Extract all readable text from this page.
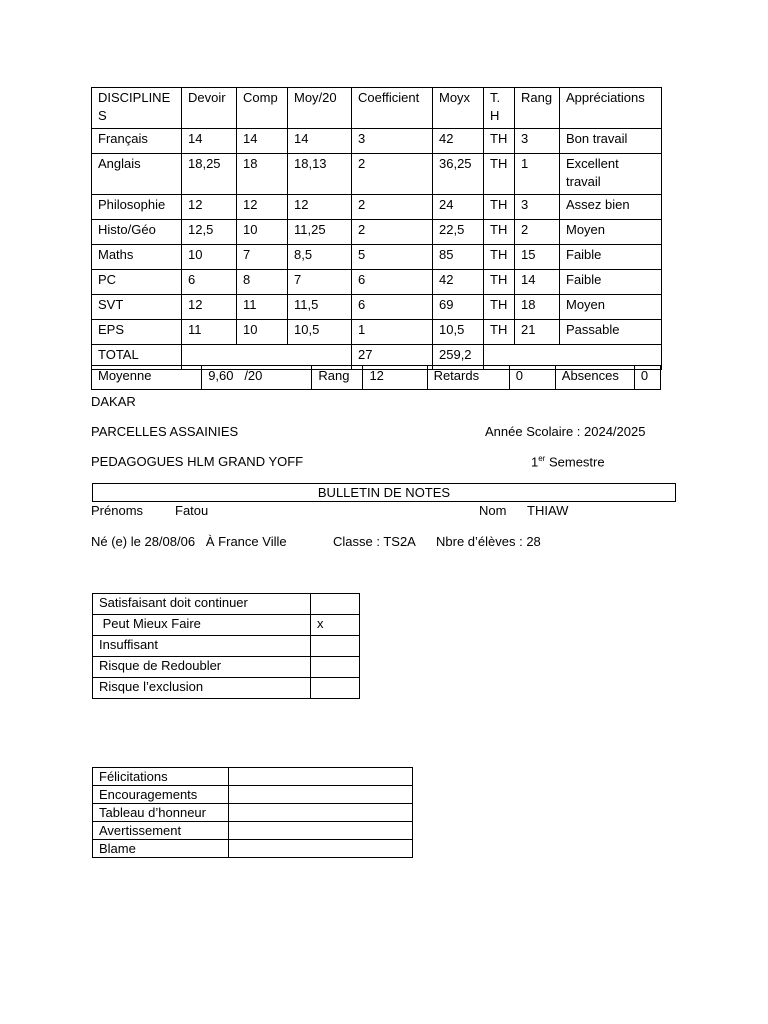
DISCIPLINES	Devoir	Comp	Moy/20	Coefficient	Moyx	T.H	Rang	Appréciations
Français	14	14	14	3	42	TH	3	Bon travail
Anglais	18,25	18	18,13	2	36,25	TH	1	Excellent travail
Philosophie	12	12	12	2	24	TH	3	Assez bien
Histo/Géo	12,5	10	11,25	2	22,5	TH	2	Moyen
Maths	10	7	8,5	5	85	TH	15	Faible
PC	6	8	7	6	42	TH	14	Faible
SVT	12	11	11,5	6	69	TH	18	Moyen
EPS	11	10	10,5	1	10,5	TH	21	Passable
TOTAL				27	259,2			
Moyenne	9,60   /20	Rang	12	Retards	0	Absences	0
DAKAR
PARCELLES ASSAINIES	Année Scolaire : 2024/2025
PEDAGOGUES HLM GRAND YOFF	1er Semestre
BULLETIN DE NOTES
Prénoms Fatou	Nom THIAW
Né (e) le 28/08/06   À France Ville	Classe : TS2A Nbre d’élèves : 28
Satisfaisant doit continuer	
Peut Mieux Faire	x
Insuffisant	
Risque de Redoubler	
Risque l’exclusion	
Félicitations	
Encouragements	
Tableau d’honneur	
Avertissement	
Blame	
